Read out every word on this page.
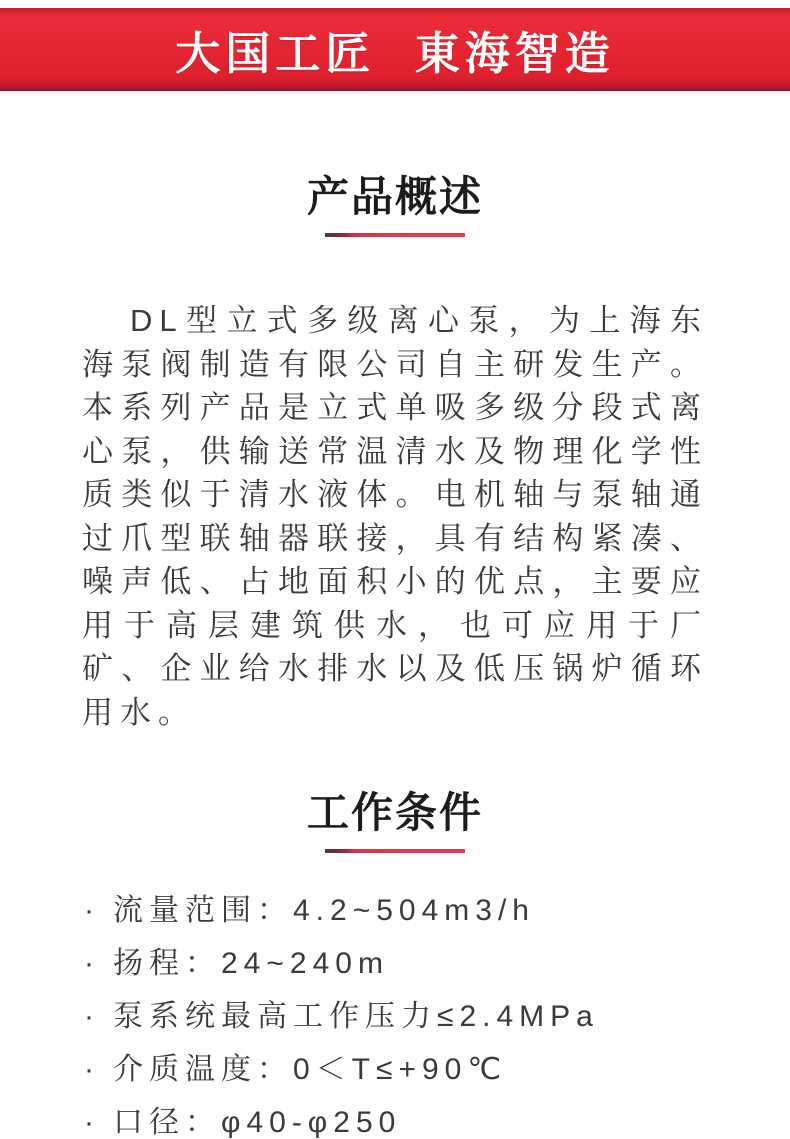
大国工匠 東海智造
产品概述

DL型立式多级离心泵，为上海东海泵阀制造有限公司自主研发生产。本系列产品是立式单吸多级分段式离心泵，供输送常温清水及物理化学性质类似于清水液体。电机轴与泵轴通过爪型联轴器联接，具有结构紧凑、噪声低、占地面积小的优点，主要应用于高层建筑供水，也可应用于厂矿、企业给水排水以及低压锅炉循环用水。

工作条件
· 流量范围：4.2~504m3/h
· 扬程：24~240m
· 泵系统最高工作压力≤2.4MPa
· 介质温度：0＜T≤+90℃
· 口径：φ40-φ250
